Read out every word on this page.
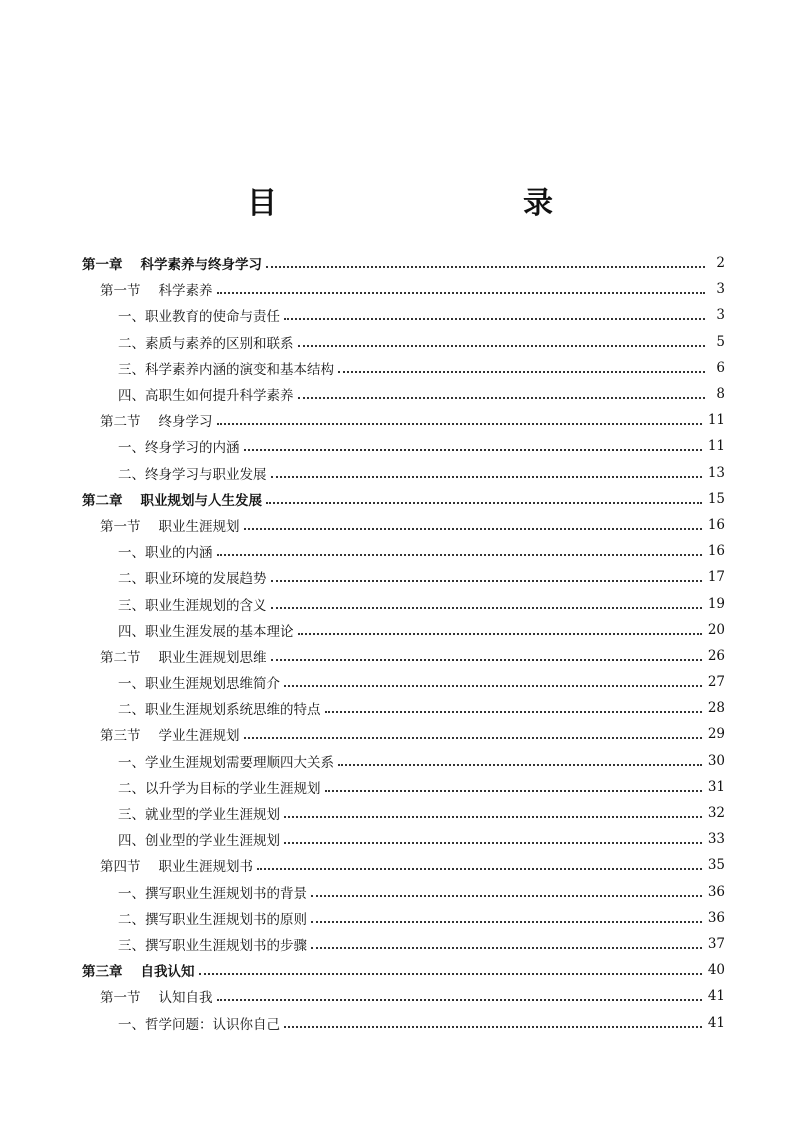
目　　录
第一章 科学素养与终身学习	2
第一节 科学素养	3
一、职业教育的使命与责任	3
二、素质与素养的区别和联系	5
三、科学素养内涵的演变和基本结构	6
四、高职生如何提升科学素养	8
第二节 终身学习	11
一、终身学习的内涵	11
二、终身学习与职业发展	13
第二章 职业规划与人生发展	15
第一节 职业生涯规划	16
一、职业的内涵	16
二、职业环境的发展趋势	17
三、职业生涯规划的含义	19
四、职业生涯发展的基本理论	20
第二节 职业生涯规划思维	26
一、职业生涯规划思维简介	27
二、职业生涯规划系统思维的特点	28
第三节 学业生涯规划	29
一、学业生涯规划需要理顺四大关系	30
二、以升学为目标的学业生涯规划	31
三、就业型的学业生涯规划	32
四、创业型的学业生涯规划	33
第四节 职业生涯规划书	35
一、撰写职业生涯规划书的背景	36
二、撰写职业生涯规划书的原则	36
三、撰写职业生涯规划书的步骤	37
第三章 自我认知	40
第一节 认知自我	41
一、哲学问题：认识你自己	41
